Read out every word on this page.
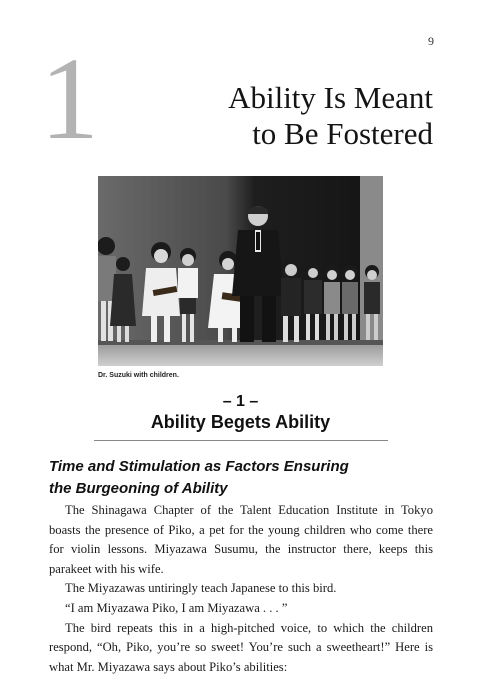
9
1	Ability Is Meant
to Be Fostered
Dr. Suzuki with children.
– 1 –
Ability Begets Ability
Time and Stimulation as Factors Ensuring
the Burgeoning of Ability

The Shinagawa Chapter of the Talent Education Institute in Tokyo boasts the presence of Piko, a pet for the young children who come there for violin lessons. Miyazawa Susumu, the instructor there, keeps this parakeet with his wife.

The Miyazawas untiringly teach Japanese to this bird.

“I am Miyazawa Piko, I am Miyazawa . . . ”

The bird repeats this in a high-pitched voice, to which the children respond, “Oh, Piko, you’re so sweet! You’re such a sweetheart!” Here is what Mr. Miyazawa says about Piko’s abilities:
